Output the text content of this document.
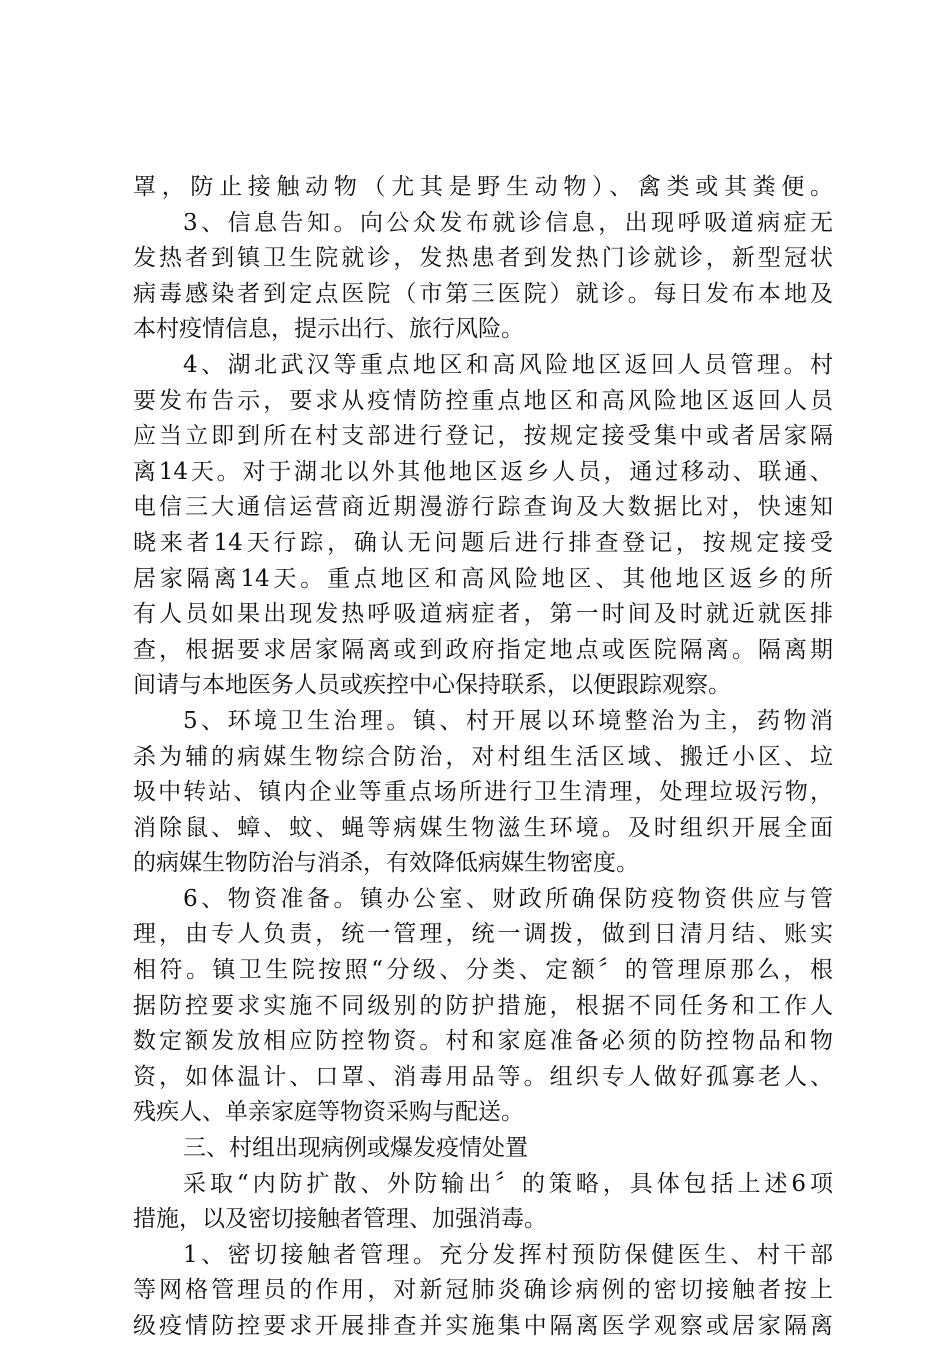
罩，防止接触动物（尤其是野生动物）、禽类或其粪便。
3、信息告知。向公众发布就诊信息，出现呼吸道病症无
发热者到镇卫生院就诊，发热患者到发热门诊就诊，新型冠状
病毒感染者到定点医院（市第三医院）就诊。每日发布本地及
本村疫情信息，提示出行、旅行风险。
4、湖北武汉等重点地区和高风险地区返回人员管理。村
要发布告示，要求从疫情防控重点地区和高风险地区返回人员
应当立即到所在村支部进行登记，按规定接受集中或者居家隔
离14天。对于湖北以外其他地区返乡人员，通过移动、联通、
电信三大通信运营商近期漫游行踪查询及大数据比对，快速知
晓来者14天行踪，确认无问题后进行排查登记，按规定接受
居家隔离14天。重点地区和高风险地区、其他地区返乡的所
有人员如果出现发热呼吸道病症者，第一时间及时就近就医排
查，根据要求居家隔离或到政府指定地点或医院隔离。隔离期
间请与本地医务人员或疾控中心保持联系，以便跟踪观察。
5、环境卫生治理。镇、村开展以环境整治为主，药物消
杀为辅的病媒生物综合防治，对村组生活区域、搬迁小区、垃
圾中转站、镇内企业等重点场所进行卫生清理，处理垃圾污物，
消除鼠、蟑、蚊、蝇等病媒生物滋生环境。及时组织开展全面
的病媒生物防治与消杀，有效降低病媒生物密度。
6、物资准备。镇办公室、财政所确保防疫物资供应与管
理，由专人负责，统一管理，统一调拨，做到日清月结、账实
相符。镇卫生院按照“分级、分类、定额〞的管理原那么，根
据防控要求实施不同级别的防护措施，根据不同任务和工作人
数定额发放相应防控物资。村和家庭准备必须的防控物品和物
资，如体温计、口罩、消毒用品等。组织专人做好孤寡老人、
残疾人、单亲家庭等物资采购与配送。
三、村组出现病例或爆发疫情处置
采取“内防扩散、外防输出〞的策略，具体包括上述6项
措施，以及密切接触者管理、加强消毒。
1、密切接触者管理。充分发挥村预防保健医生、村干部
等网格管理员的作用，对新冠肺炎确诊病例的密切接触者按上
级疫情防控要求开展排查并实施集中隔离医学观察或居家隔离
